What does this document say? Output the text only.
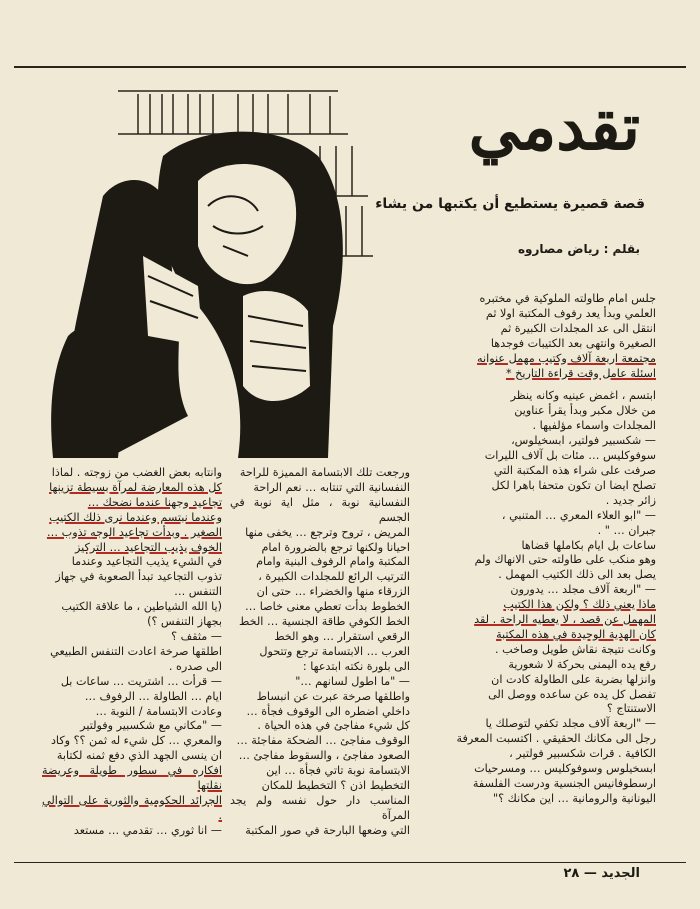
عبد البعلا
تقدمي
قصة قصيرة يستطيع أن يكتبها من يشاء
بقلم : رياض مصاروه
جلس امام طاولته الملوكية في مختبره
العلمي وبدأ يعد رفوف المكتبة اولا ثم
انتقل الى عد المجلدات الكبيرة ثم
الصغيرة وانتهى بعد الكتيبات فوجدها
مجتمعة اربعة آلاف وكتيب مهمل عنوانه
اسئلة عامل وقت قراءة التاريخ *
ابتسم ، اغمض عينيه وكانه ينظر
من خلال مكبر وبدأ يقرأ عناوين
المجلدات واسماء مؤلفيها .
— شكسبير فولتير، ابسخيلوس،
سوفوكليس … مئات بل آلاف الليرات
صرفت على شراء هذه المكتبة التي
تصلح ايضا ان تكون متحفا باهرا لكل
زائر جديد .
— "ابو العلاء المعري … المتنبي ،
جبران … " .
ساعات بل ايام بكاملها قضاها
وهو منكب على طاولته حتى الانهاك ولم
يصل بعد الى ذلك الكتيب المهمل .
— "اربعة آلاف مجلد … يدورون
ماذا يعني ذلك ؟ ولكن هذا الكتيب
المهمل عن قصد ، لا يعطيه الراحة . لقد
كان الهدية الوحيدة في هذه المكتبة
وكانت نتيجة نقاش طويل وصاخب .
رفع يده اليمنى بحركة لا شعورية
وانزلها بضربة على الطاولة كادت ان
تفصل كل يده عن ساعده ووصل الى
الاستنتاج ؟
— "اربعة آلاف مجلد تكفي لتوصلك يا
رجل الى مكانك الحقيقي . اكتسبت المعرفة
الكافية . قرات شكسبير فولتير ،
ابسخيلوس وسوفوكليس … ومسرحيات
ارسطوفانيس الجنسية ودرست الفلسفة
اليونانية والرومانية … اين مكانك ؟"
ورجعت تلك الابتسامة المميزة للراحة
النفسانية التي تنتابه … نعم الراحة
النفسانية نوبة ، مثل اية نوبة في الجسم
المريض ، تروح وترجع … يخفى منها
احيانا ولكنها ترجع بالضرورة امام
المكتبة وامام الرفوف البنية وامام
الترتيب الرائع للمجلدات الكبيرة ،
الزرقاء منها والخضراء … حتى ان
الخطوط بدأت تعطي معنى خاصا …
الخط الكوفي طاقة الجنسية … الخط
الرقعي استقرار … وهو الخط
العرب … الابتسامة ترجع وتتحول
الى بلورة نكته ابتدعها :
— "ما اطول لسانهم …"
واطلقها صرخة عبرت عن انبساط
داخلي اضطره الى الوقوف فجأة …
كل شيء مفاجئ في هذه الحياة .
الوقوف مفاجئ … الضحكة مفاجئة …
الصعود مفاجئ ، والسقوط مفاجئ …
الابتسامة نوبة تاتي فجأة … اين
التخطيط اذن ؟ التخطيط للمكان
المناسب دار حول نفسه ولم يجد المرآة
التي وضعها البارحة في صور المكتبة
وانتابه بعض الغضب من زوجته . لماذا
كل هذه المعارضة لمرآة بسيطة تزينها
تجاعيد وجهنا عندما نضحك …
وعندما نبتسم وعندما نرى ذلك الكتيب
الصغير . وبدأت تجاعيد الوجه تذوب …
الخوف يذيب التجاعيد … التركيز
في الشيء يذيب التجاعيد وعندما
تذوب التجاعيد تبدأ الصعوبة في جهاز
التنفس …
(يا الله الشياطين ، ما علاقة الكتيب
بجهاز التنفس ؟)
— مثقف ؟
اطلقها صرخة اعادت التنفس الطبيعي
الى صدره .
— قرأت … اشتريت … ساعات بل
ايام … الطاولة … الرفوف …
وعادت الابتسامة / النوبة …
— "مكاني مع شكسبير وفولتير
والمعري … كل شيء له ثمن ؟؟ وكاد
ان ينسى الجهد الذي دفع ثمنه لكتابة
افكاره في سطور طويلة وعريضة نقلتها
الجرائد الحكومية والثورية على التوالي .
— انا ثوري … تقدمي … مستعد
الجديد — ٢٨
